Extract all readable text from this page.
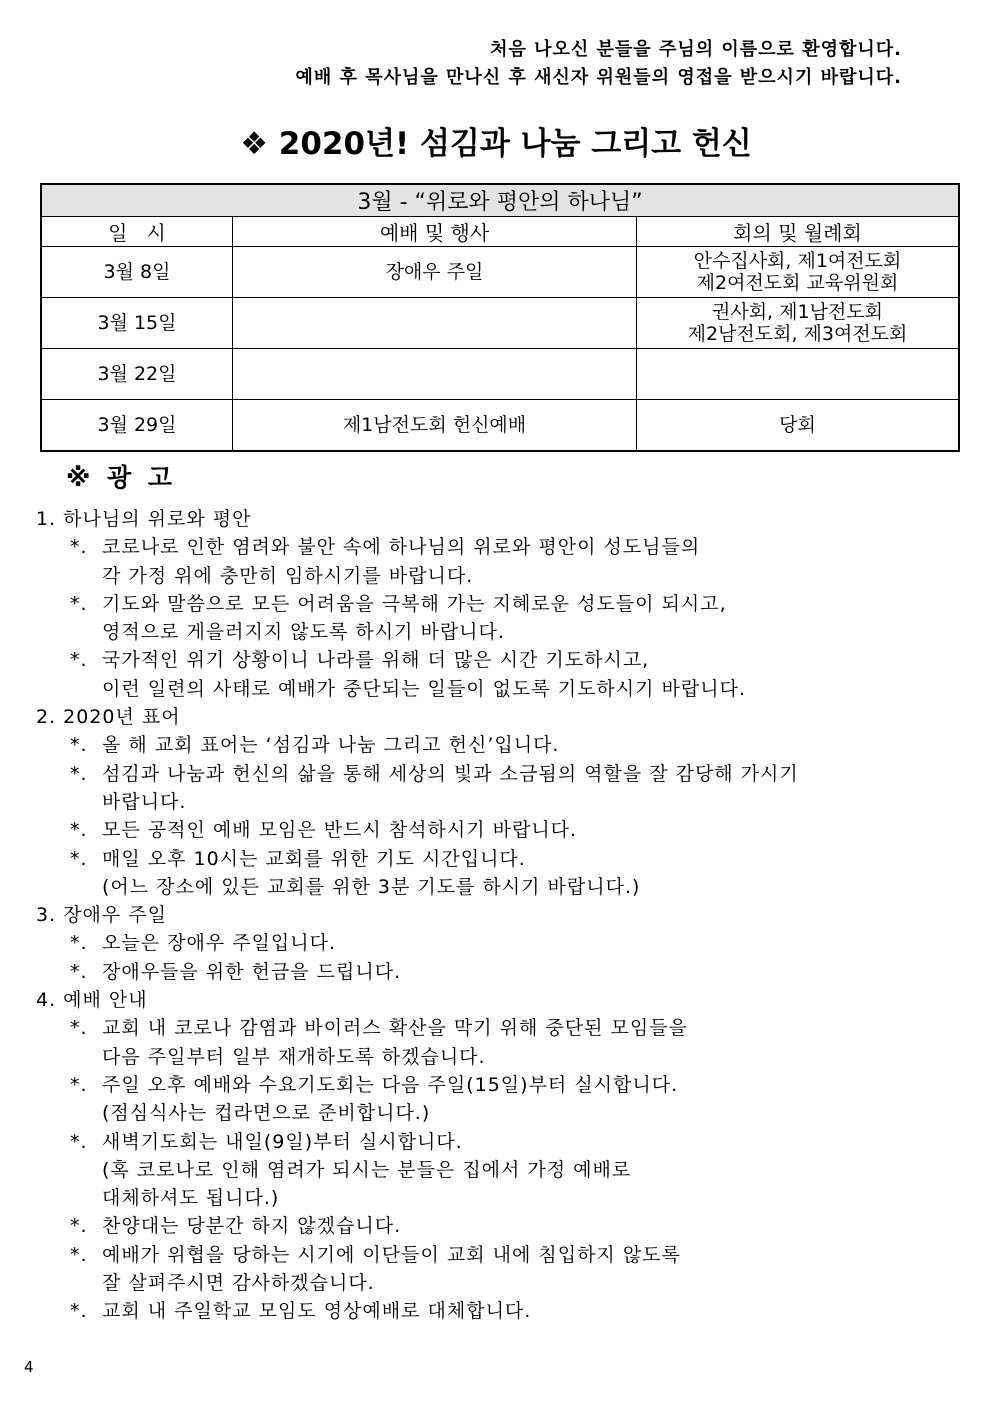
처음 나오신 분들을 주님의 이름으로 환영합니다.
예배 후 목사님을 만나신 후 새신자 위원들의 영접을 받으시기 바랍니다.
❖ 2020년! 섬김과 나눔 그리고 헌신
3월 - “위로와 평안의 하나님”		
일   시	예배 및 행사	회의 및 월례회
3월 8일	장애우 주일	안수집사회, 제1여전도회
제2여전도회 교육위원회

3월 15일		권사회, 제1남전도회
제2남전도회, 제3여전도회

3월 22일		

3월 29일	제1남전도회 헌신예배	당회
※ 광 고
1. 하나님의 위로와 평안
*. 코로나로 인한 염려와 불안 속에 하나님의 위로와 평안이 성도님들의
각 가정 위에 충만히 임하시기를 바랍니다.
*. 기도와 말씀으로 모든 어려움을 극복해 가는 지혜로운 성도들이 되시고,
영적으로 게을러지지 않도록 하시기 바랍니다.
*. 국가적인 위기 상황이니 나라를 위해 더 많은 시간 기도하시고,
이런 일련의 사태로 예배가 중단되는 일들이 없도록 기도하시기 바랍니다.
2. 2020년 표어
*. 올 해 교회 표어는 ‘섬김과 나눔 그리고 헌신’입니다.
*. 섬김과 나눔과 헌신의 삶을 통해 세상의 빛과 소금됨의 역할을 잘 감당해 가시기
바랍니다.
*. 모든 공적인 예배 모임은 반드시 참석하시기 바랍니다.
*. 매일 오후 10시는 교회를 위한 기도 시간입니다.
(어느 장소에 있든 교회를 위한 3분 기도를 하시기 바랍니다.)
3. 장애우 주일
*. 오늘은 장애우 주일입니다.
*. 장애우들을 위한 헌금을 드립니다.
4. 예배 안내
*. 교회 내 코로나 감염과 바이러스 확산을 막기 위해 중단된 모임들을
다음 주일부터 일부 재개하도록 하겠습니다.
*. 주일 오후 예배와 수요기도회는 다음 주일(15일)부터 실시합니다.
(점심식사는 컵라면으로 준비합니다.)
*. 새벽기도회는 내일(9일)부터 실시합니다.
(혹 코로나로 인해 염려가 되시는 분들은 집에서 가정 예배로
대체하셔도 됩니다.)
*. 찬양대는 당분간 하지 않겠습니다.
*. 예배가 위협을 당하는 시기에 이단들이 교회 내에 침입하지 않도록
잘 살펴주시면 감사하겠습니다.
*. 교회 내 주일학교 모임도 영상예배로 대체합니다.
4
